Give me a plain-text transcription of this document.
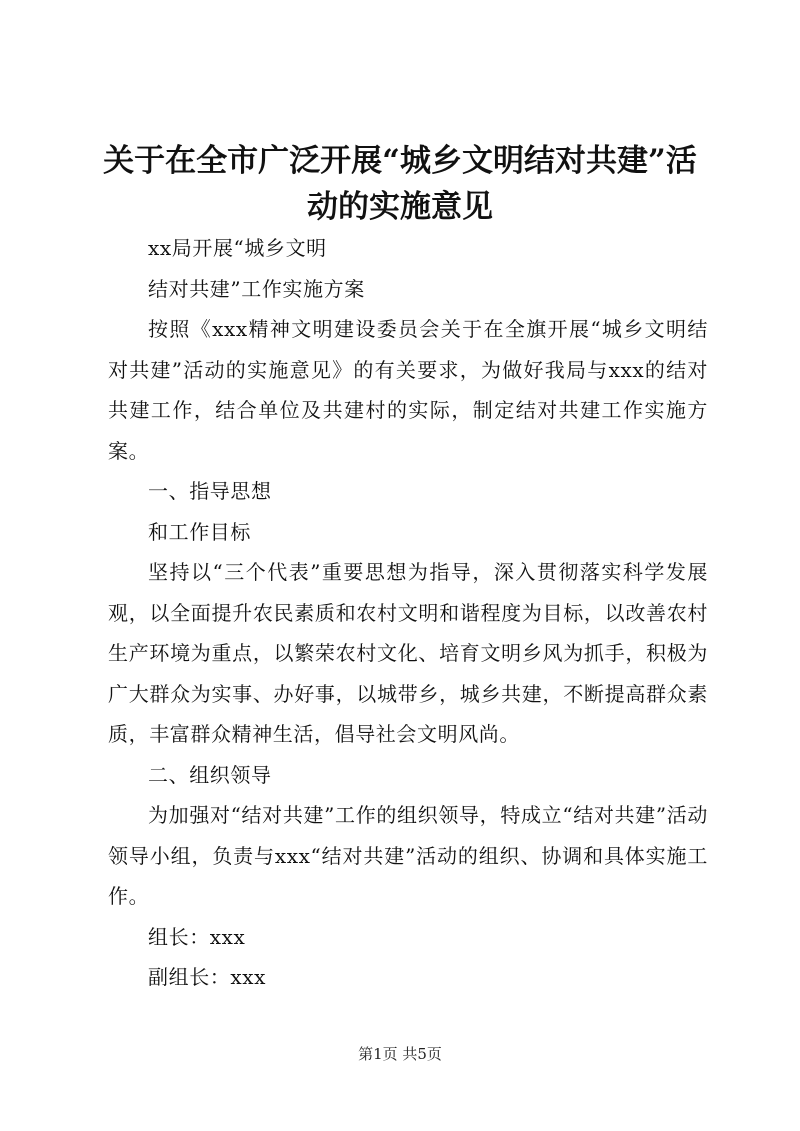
关于在全市广泛开展“城乡文明结对共建”活
动的实施意见

xx局开展“城乡文明

结对共建”工作实施方案

按照《xxx精神文明建设委员会关于在全旗开展“城乡文明结对共建”活动的实施意见》的有关要求，为做好我局与xxx的结对共建工作，结合单位及共建村的实际，制定结对共建工作实施方案。

一、指导思想

和工作目标

坚持以“三个代表”重要思想为指导，深入贯彻落实科学发展观，以全面提升农民素质和农村文明和谐程度为目标，以改善农村生产环境为重点，以繁荣农村文化、培育文明乡风为抓手，积极为广大群众为实事、办好事，以城带乡，城乡共建，不断提高群众素质，丰富群众精神生活，倡导社会文明风尚。

二、组织领导

为加强对“结对共建”工作的组织领导，特成立“结对共建”活动领导小组，负责与xxx“结对共建”活动的组织、协调和具体实施工作。

组长：xxx

副组长：xxx

第1页 共5页
